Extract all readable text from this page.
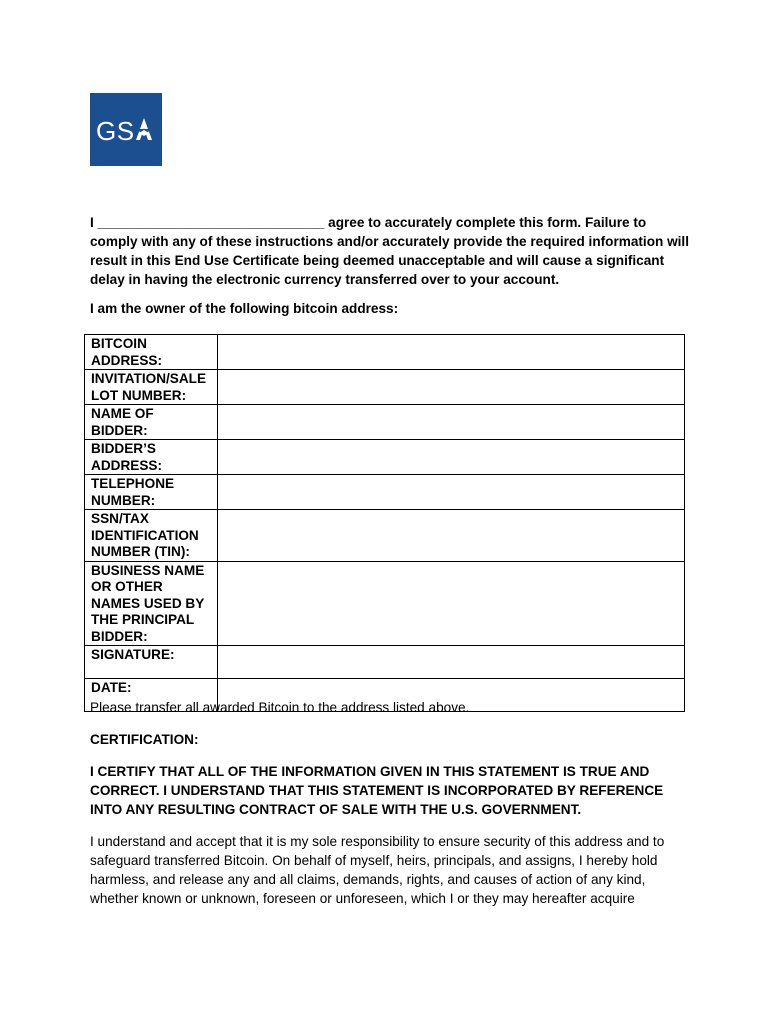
GS

I ______________________________ agree to accurately complete this form. Failure to comply with any of these instructions and/or accurately provide the required information will result in this End Use Certificate being deemed unacceptable and will cause a significant delay in having the electronic currency transferred over to your account.

I am the owner of the following bitcoin address:

BITCOIN ADDRESS:	
INVITATION/SALE LOT NUMBER:	
NAME OF BIDDER:	
BIDDER’S ADDRESS:	
TELEPHONE NUMBER:	
SSN/TAX IDENTIFICATION NUMBER (TIN):	
BUSINESS NAME OR OTHER NAMES USED BY THE PRINCIPAL BIDDER:	
SIGNATURE:	
DATE:	

Please transfer all awarded Bitcoin to the address listed above.

CERTIFICATION:

I CERTIFY THAT ALL OF THE INFORMATION GIVEN IN THIS STATEMENT IS TRUE AND CORRECT. I UNDERSTAND THAT THIS STATEMENT IS INCORPORATED BY REFERENCE INTO ANY RESULTING CONTRACT OF SALE WITH THE U.S. GOVERNMENT.

I understand and accept that it is my sole responsibility to ensure security of this address and to safeguard transferred Bitcoin. On behalf of myself, heirs, principals, and assigns, I hereby hold harmless, and release any and all claims, demands, rights, and causes of action of any kind, whether known or unknown, foreseen or unforeseen, which I or they may hereafter acquire
